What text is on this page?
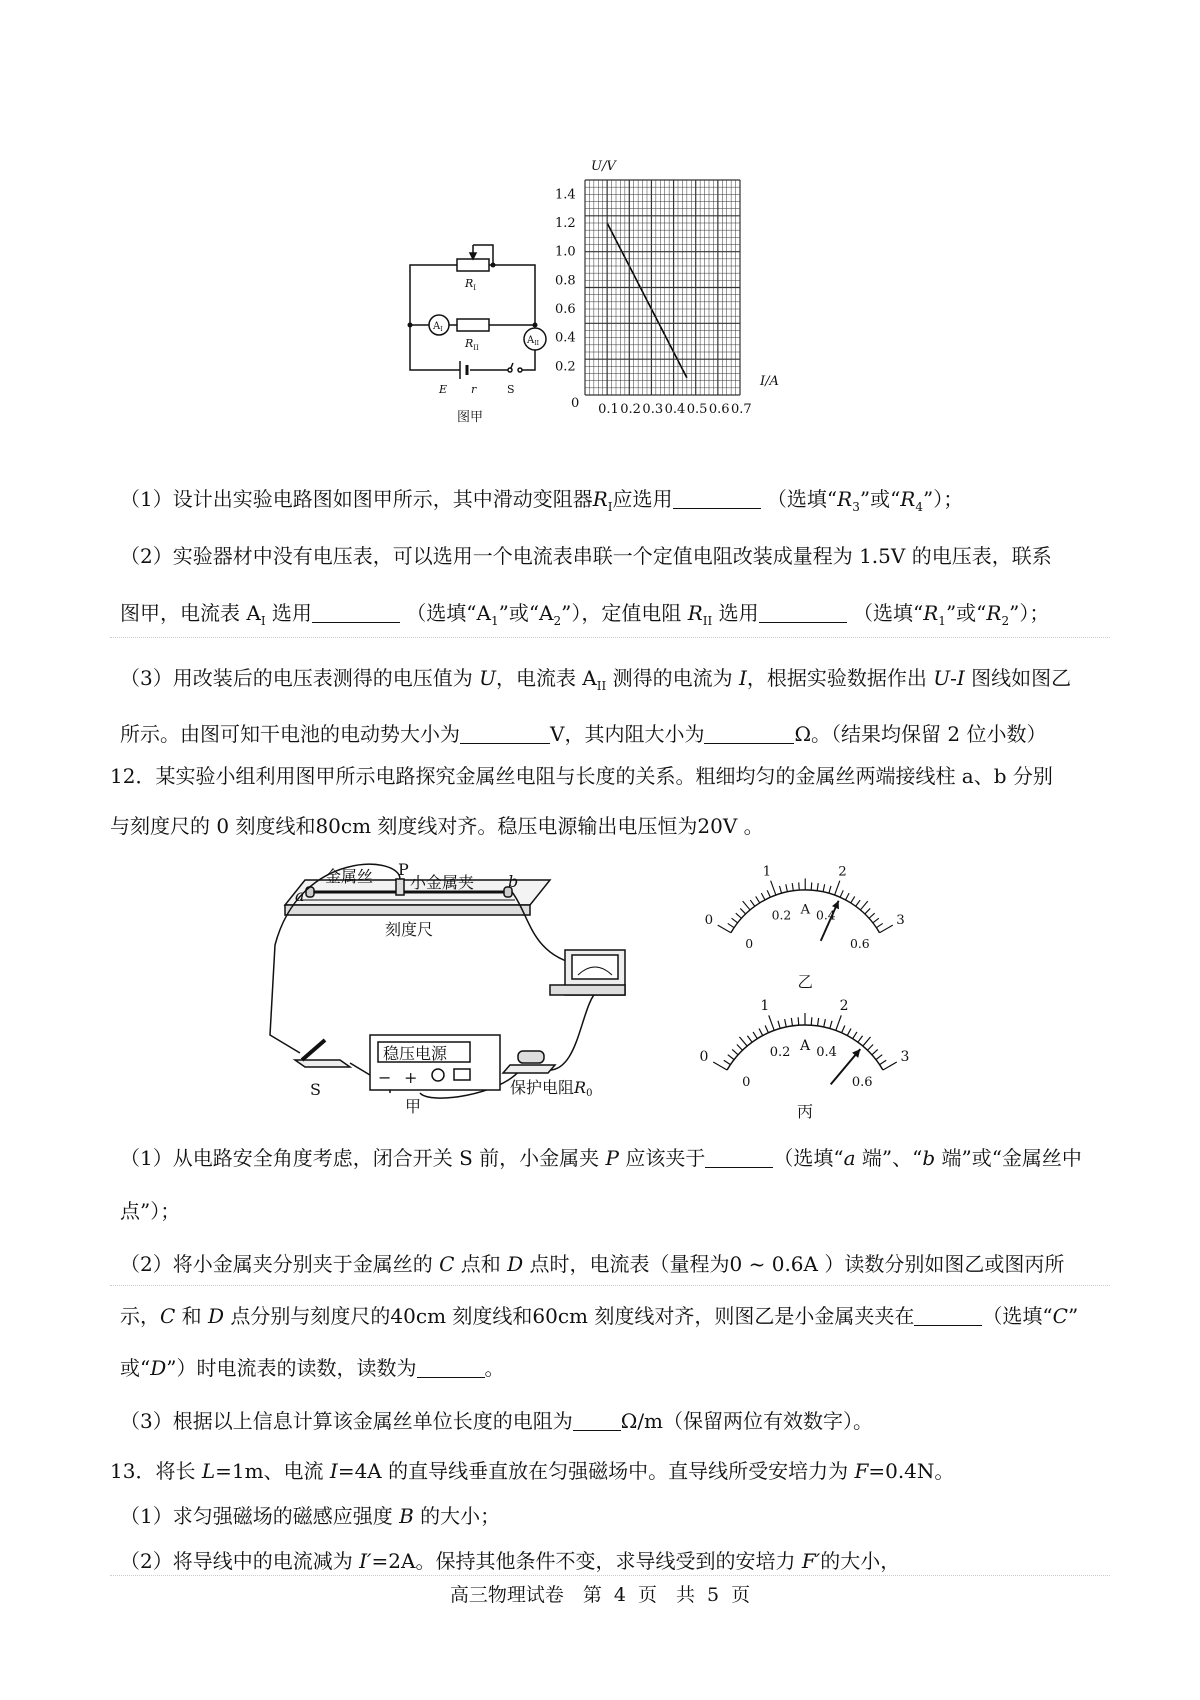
$R_I$
$R_{II}$
$A_I$
$A_{II}$
E r	S
图甲
0.1 0.2 0.3 0.4 0.5 0.6 0.7
0.2
0.4
0.6
0.8
1.0
1.2
1.4
0
I/A
U/V
（1）设计出实验电路图如图甲所示，其中滑动变阻器$R_I$应选用	（选填“$R_3$”或“$R_4$”）；
（2）实验器材中没有电压表，可以选用一个电流表串联一个定值电阻改装成量程为 1.5V 的电压表，联系
图甲，电流表 $A_I$ 选用	（选填“$A_1$”或“$A_2$”），定值电阻 $R_{II}$ 选用	（选填“$R_1$”或“$R_2$”）；
（3）用改装后的电压表测得的电压值为 U，电流表 $A_{II}$ 测得的电流为 I，根据实验数据作出 U-I 图线如图乙
所示。由图可知干电池的电动势大小为	V，其内阻大小为	Ω。（结果均保留 2 位小数）
12．某实验小组利用图甲所示电路探究金属丝电阻与长度的关系。粗细均匀的金属丝两端接线柱 a、b 分别
与刻度尺的 0 刻度线和80cm 刻度线对齐。稳压电源输出电压恒为20V 。
金属丝 P
小金属夹
a
b
刻度尺
稳压电源
− +
S	保护电阻R0
甲
0
1	2
3
0
0.2 0.4
0.6
A
乙
0
1	2
3
0
0.2 0.4
0.6
A
丙
（1）从电路安全角度考虑，闭合开关 S 前，小金属夹 P 应该夹于	（选填“a 端”、“b 端”或“金属丝中
点”）；
（2）将小金属夹分别夹于金属丝的 C 点和 D 点时，电流表（量程为0 ~ 0.6A ）读数分别如图乙或图丙所
示，C 和 D 点分别与刻度尺的40cm 刻度线和60cm 刻度线对齐，则图乙是小金属夹夹在	（选填“C”
或“D”）时电流表的读数，读数为	。
（3）根据以上信息计算该金属丝单位长度的电阻为 Ω/m（保留两位有效数字）。
13．将长 L=1m、电流 I=4A 的直导线垂直放在匀强磁场中。直导线所受安培力为 F=0.4N。
（1）求匀强磁场的磁感应强度 B 的大小；
（2）将导线中的电流减为 I′=2A。保持其他条件不变，求导线受到的安培力 F′的大小，
高三物理试卷　第 4 页　共 5 页
